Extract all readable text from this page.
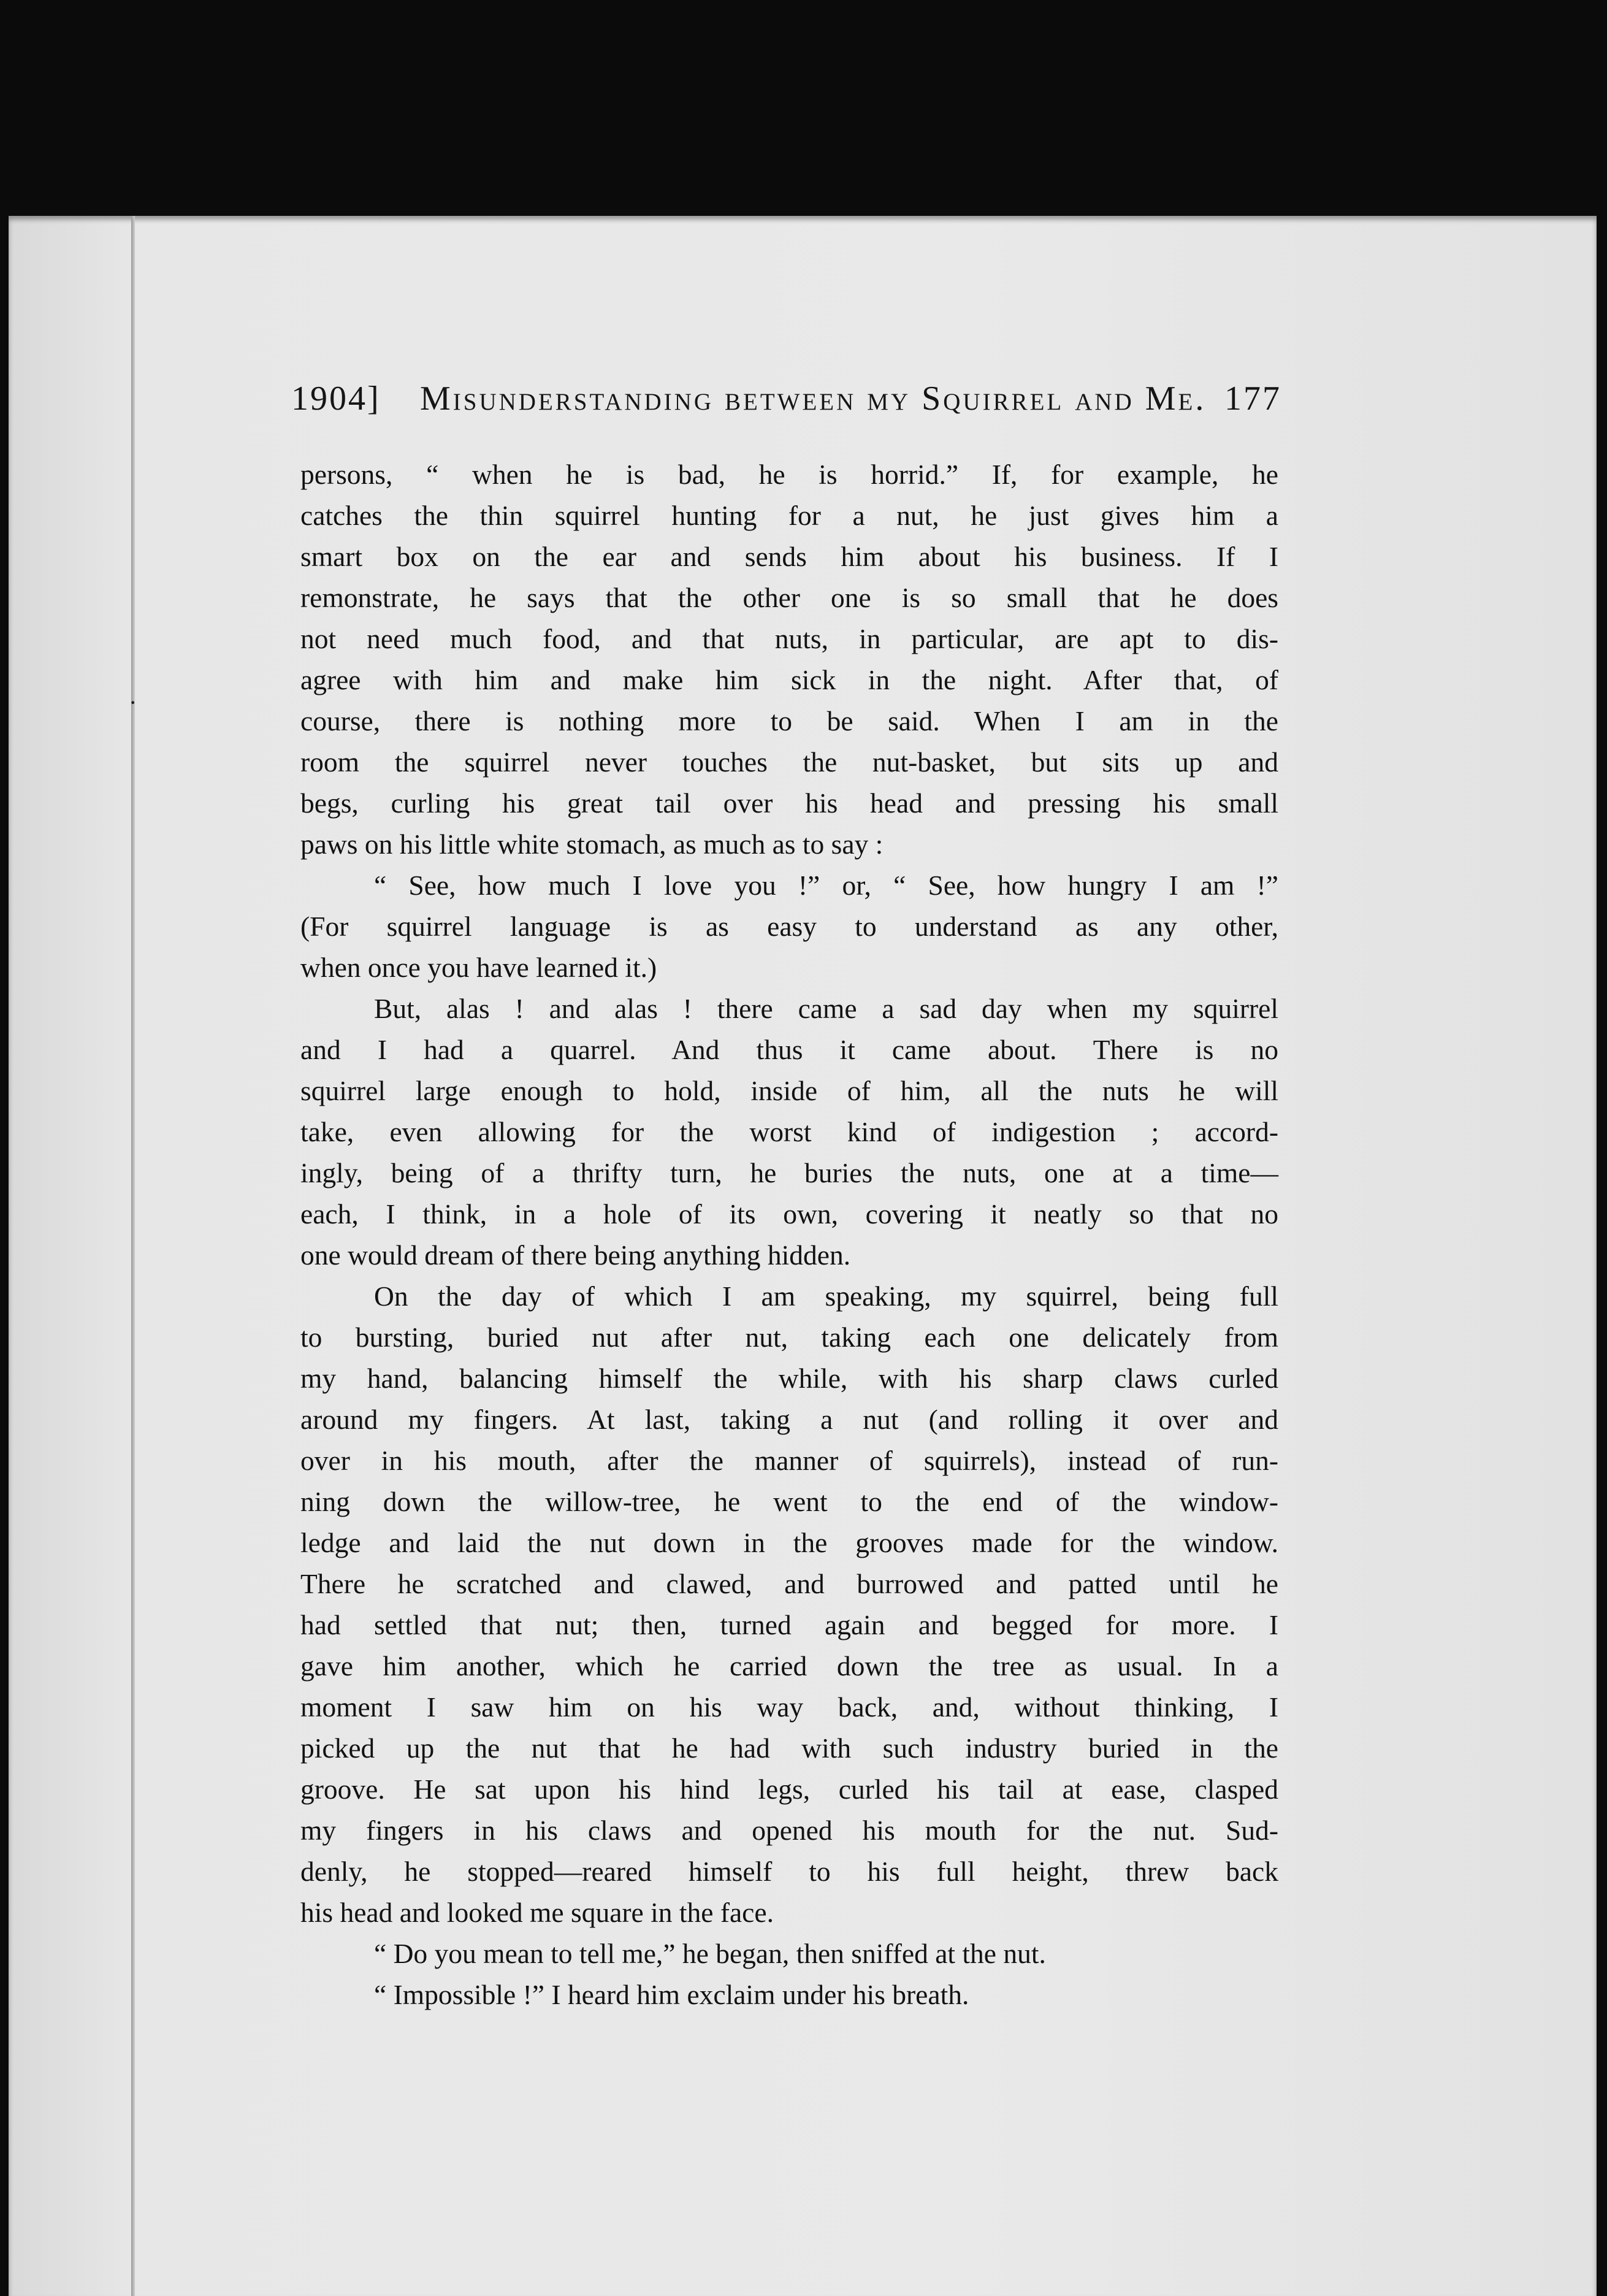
·
1904] Misunderstanding between my Squirrel and Me. 177
persons, “ when he is bad, he is horrid.” If, for example, he
catches the thin squirrel hunting for a nut, he just gives him a
smart box on the ear and sends him about his business. If I
remonstrate, he says that the other one is so small that he does
not need much food, and that nuts, in particular, are apt to dis-
agree with him and make him sick in the night. After that, of
course, there is nothing more to be said. When I am in the
room the squirrel never touches the nut-basket, but sits up and
begs, curling his great tail over his head and pressing his small
paws on his little white stomach, as much as to say :
“ See, how much I love you !” or, “ See, how hungry I am !”
(For squirrel language is as easy to understand as any other,
when once you have learned it.)
But, alas ! and alas ! there came a sad day when my squirrel
and I had a quarrel. And thus it came about. There is no
squirrel large enough to hold, inside of him, all the nuts he will
take, even allowing for the worst kind of indigestion ; accord-
ingly, being of a thrifty turn, he buries the nuts, one at a time—
each, I think, in a hole of its own, covering it neatly so that no
one would dream of there being anything hidden.
On the day of which I am speaking, my squirrel, being full
to bursting, buried nut after nut, taking each one delicately from
my hand, balancing himself the while, with his sharp claws curled
around my fingers. At last, taking a nut (and rolling it over and
over in his mouth, after the manner of squirrels), instead of run-
ning down the willow-tree, he went to the end of the window-
ledge and laid the nut down in the grooves made for the window.
There he scratched and clawed, and burrowed and patted until he
had settled that nut; then, turned again and begged for more. I
gave him another, which he carried down the tree as usual. In a
moment I saw him on his way back, and, without thinking, I
picked up the nut that he had with such industry buried in the
groove. He sat upon his hind legs, curled his tail at ease, clasped
my fingers in his claws and opened his mouth for the nut. Sud-
denly, he stopped—reared himself to his full height, threw back
his head and looked me square in the face.
“ Do you mean to tell me,” he began, then sniffed at the nut.
“ Impossible !” I heard him exclaim under his breath.
